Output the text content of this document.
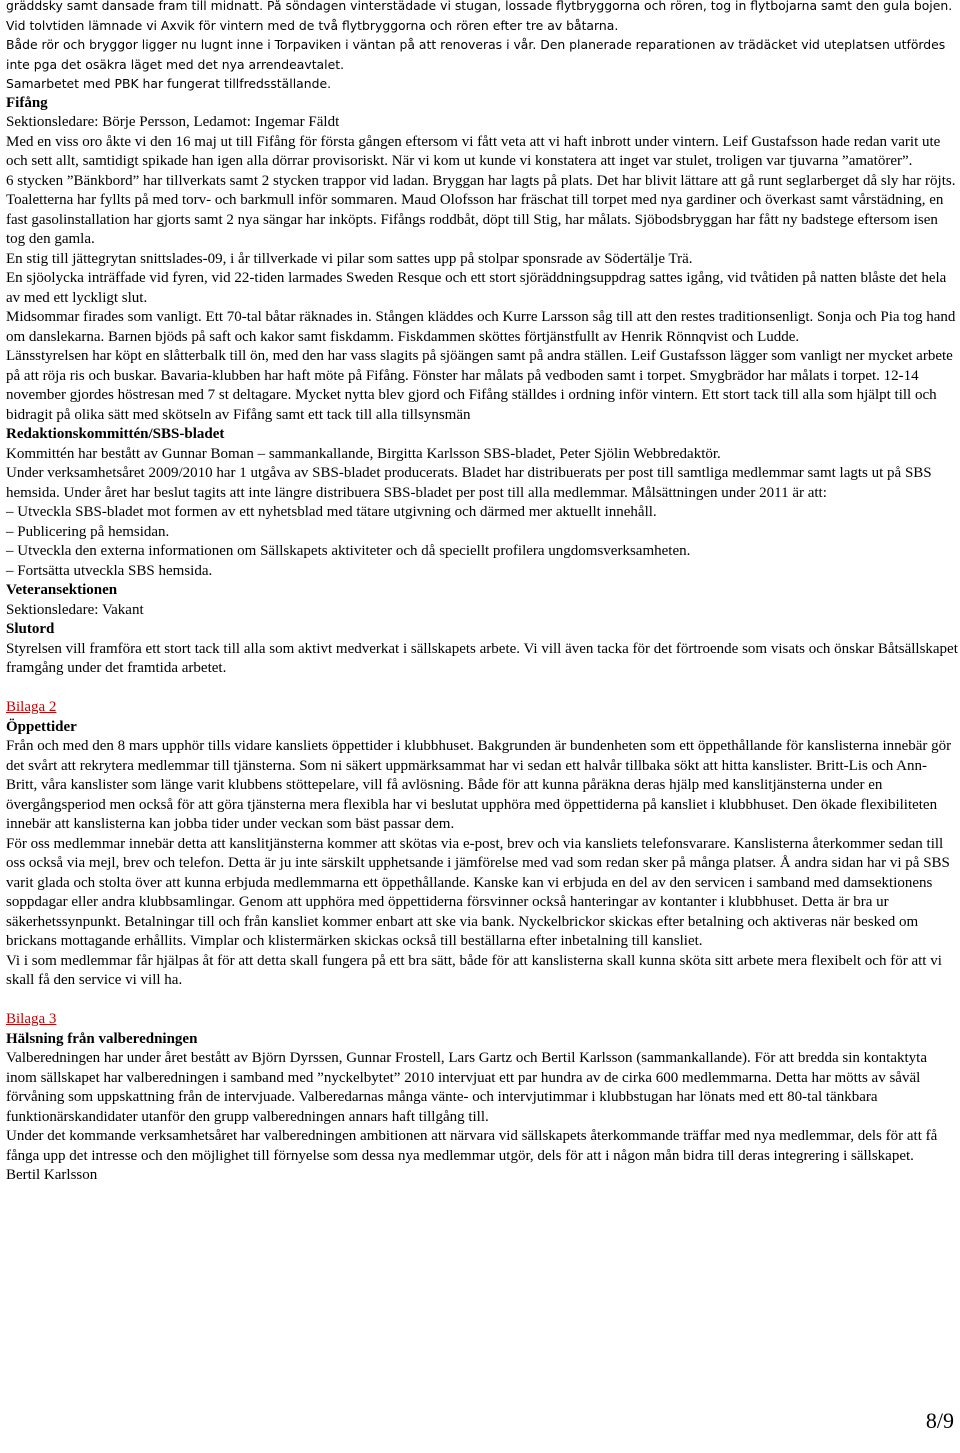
gräddsky samt dansade fram till midnatt. På söndagen vinterstädade vi stugan, lossade flytbryggorna och rören, tog in flytbojarna samt den gula bojen. Vid tolvtiden lämnade vi Axvik för vintern med de två flytbryggorna och rören efter tre av båtarna.

Både rör och bryggor ligger nu lugnt inne i Torpaviken i väntan på att renoveras i vår. Den planerade reparationen av trädäcket vid uteplatsen utfördes inte pga det osäkra läget med det nya arrendeavtalet.

Samarbetet med PBK har fungerat tillfredsställande.

Fifång

Sektionsledare: Börje Persson, Ledamot: Ingemar Fäldt

Med en viss oro åkte vi den 16 maj ut till Fifång för första gången eftersom vi fått veta att vi haft inbrott under vintern. Leif Gustafsson hade redan varit ute och sett allt, samtidigt spikade han igen alla dörrar provisoriskt. När vi kom ut kunde vi konstatera att inget var stulet, troligen var tjuvarna ”amatörer”.

6 stycken ”Bänkbord” har tillverkats samt 2 stycken trappor vid ladan. Bryggan har lagts på plats. Det har blivit lättare att gå runt seglarberget då sly har röjts. Toaletterna har fyllts på med torv- och barkmull inför sommaren. Maud Olofsson har fräschat till torpet med nya gardiner och överkast samt vårstädning, en fast gasolinstallation har gjorts samt 2 nya sängar har inköpts. Fifångs roddbåt, döpt till Stig, har målats. Sjöbodsbryggan har fått ny badstege eftersom isen tog den gamla.

En stig till jättegrytan snittslades-09, i år tillverkade vi pilar som sattes upp på stolpar sponsrade av Södertälje Trä.

En sjöolycka inträffade vid fyren, vid 22-tiden larmades Sweden Resque och ett stort sjöräddningsuppdrag sattes igång, vid tvåtiden på natten blåste det hela av med ett lyckligt slut.

Midsommar firades som vanligt. Ett 70-tal båtar räknades in. Stången kläddes och Kurre Larsson såg till att den restes traditionsenligt. Sonja och Pia tog hand om danslekarna. Barnen bjöds på saft och kakor samt fiskdamm. Fiskdammen sköttes förtjänstfullt av Henrik Rönnqvist och Ludde.

Länsstyrelsen har köpt en slåtterbalk till ön, med den har vass slagits på sjöängen samt på andra ställen. Leif Gustafsson lägger som vanligt ner mycket arbete på att röja ris och buskar. Bavaria-klubben har haft möte på Fifång. Fönster har målats på vedboden samt i torpet. Smygbrädor har målats i torpet. 12-14 november gjordes höstresan med 7 st deltagare. Mycket nytta blev gjord och Fifång ställdes i ordning inför vintern. Ett stort tack till alla som hjälpt till och bidragit på olika sätt med skötseln av Fifång samt ett tack till alla tillsynsmän

Redaktionskommittén/SBS-bladet

Kommittén har bestått av Gunnar Boman – sammankallande, Birgitta Karlsson SBS-bladet, Peter Sjölin Webbredaktör.

Under verksamhetsåret 2009/2010 har 1 utgåva av SBS-bladet producerats. Bladet har distribuerats per post till samtliga medlemmar samt lagts ut på SBS hemsida. Under året har beslut tagits att inte längre distribuera SBS-bladet per post till alla medlemmar. Målsättningen under 2011 är att:

– Utveckla SBS-bladet mot formen av ett nyhetsblad med tätare utgivning och därmed mer aktuellt innehåll.

– Publicering på hemsidan.

– Utveckla den externa informationen om Sällskapets aktiviteter och då speciellt profilera ungdomsverksamheten.

– Fortsätta utveckla SBS hemsida.

Veteransektionen

Sektionsledare: Vakant

Slutord

Styrelsen vill framföra ett stort tack till alla som aktivt medverkat i sällskapets arbete. Vi vill även tacka för det förtroende som visats och önskar Båtsällskapet framgång under det framtida arbetet.

Bilaga 2

Öppettider

Från och med den 8 mars upphör tills vidare kansliets öppettider i klubbhuset. Bakgrunden är bundenheten som ett öppethållande för kanslisterna innebär gör det svårt att rekrytera medlemmar till tjänsterna. Som ni säkert uppmärksammat har vi sedan ett halvår tillbaka sökt att hitta kanslister. Britt-Lis och Ann-Britt, våra kanslister som länge varit klubbens stöttepelare, vill få avlösning. Både för att kunna påräkna deras hjälp med kanslitjänsterna under en övergångsperiod men också för att göra tjänsterna mera flexibla har vi beslutat upphöra med öppettiderna på kansliet i klubbhuset. Den ökade flexibiliteten innebär att kanslisterna kan jobba tider under veckan som bäst passar dem.

För oss medlemmar innebär detta att kanslitjänsterna kommer att skötas via e-post, brev och via kansliets telefonsvarare. Kanslisterna återkommer sedan till oss också via mejl, brev och telefon. Detta är ju inte särskilt upphetsande i jämförelse med vad som redan sker på många platser. Å andra sidan har vi på SBS varit glada och stolta över att kunna erbjuda medlemmarna ett öppethållande. Kanske kan vi erbjuda en del av den servicen i samband med damsektionens soppdagar eller andra klubbsamlingar. Genom att upphöra med öppettiderna försvinner också hanteringar av kontanter i klubbhuset. Detta är bra ur säkerhetssynpunkt. Betalningar till och från kansliet kommer enbart att ske via bank. Nyckelbrickor skickas efter betalning och aktiveras när besked om brickans mottagande erhållits. Vimplar och klistermärken skickas också till beställarna efter inbetalning till kansliet.

Vi i som medlemmar får hjälpas åt för att detta skall fungera på ett bra sätt, både för att kanslisterna skall kunna sköta sitt arbete mera flexibelt och för att vi skall få den service vi vill ha.

Bilaga 3

Hälsning från valberedningen

Valberedningen har under året bestått av Björn Dyrssen, Gunnar Frostell, Lars Gartz och Bertil Karlsson (sammankallande). För att bredda sin kontaktyta inom sällskapet har valberedningen i samband med ”nyckelbytet” 2010 intervjuat ett par hundra av de cirka 600 medlemmarna. Detta har mötts av såväl förvåning som uppskattning från de intervjuade. Valberedarnas många vänte- och intervjutimmar i klubbstugan har lönats med ett 80-tal tänkbara funktionärskandidater utanför den grupp valberedningen annars haft tillgång till.

Under det kommande verksamhetsåret har valberedningen ambitionen att närvara vid sällskapets återkommande träffar med nya medlemmar, dels för att få fånga upp det intresse och den möjlighet till förnyelse som dessa nya medlemmar utgör, dels för att i någon mån bidra till deras integrering i sällskapet.

Bertil Karlsson

8/9
